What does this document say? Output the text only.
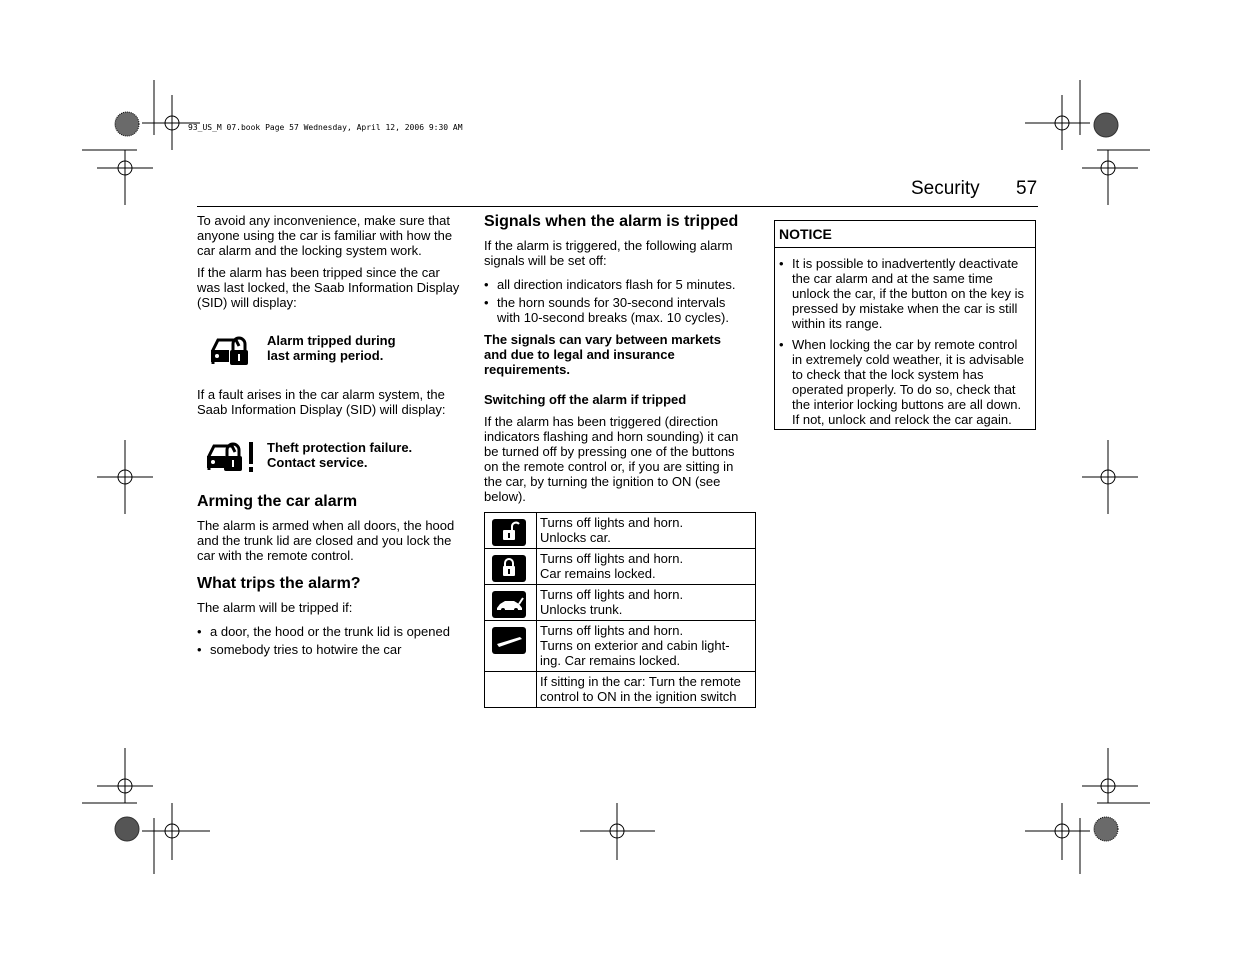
93_US_M 07.book Page 57 Wednesday, April 12, 2006 9:30 AM
Security 57

To avoid any inconvenience, make sure that anyone using the car is familiar with how the car alarm and the locking system work.

If the alarm has been tripped since the car was last locked, the Saab Information Display (SID) will display:

Alarm tripped during
last arming period.

If a fault arises in the car alarm system, the Saab Information Display (SID) will display:

Theft protection failure.
Contact service.
Arming the car alarm

The alarm is armed when all doors, the hood and the trunk lid are closed and you lock the car with the remote control.

What trips the alarm?

The alarm will be tripped if:

• a door, the hood or the trunk lid is opened
• somebody tries to hotwire the car
Signals when the alarm is tripped

If the alarm is triggered, the following alarm signals will be set off:

• all direction indicators flash for 5 minutes.
• the horn sounds for 30-second intervals with 10-second breaks (max. 10 cycles).

The signals can vary between markets and due to legal and insurance requirements.

Switching off the alarm if tripped

If the alarm has been triggered (direction indicators flashing and horn sounding) it can be turned off by pressing one of the buttons on the remote control or, if you are sitting in the car, by turning the ignition to ON (see below).

	Turns off lights and horn.
Unlocks car.

	Turns off lights and horn.
Car remains locked.

	Turns off lights and horn.
Unlocks trunk.

	Turns off lights and horn.
Turns on exterior and cabin light-
ing. Car remains locked.
	If sitting in the car: Turn the remote
control to ON in the ignition switch
NOTICE
• It is possible to inadvertently deactivate the car alarm and at the same time unlock the car, if the button on the key is pressed by mistake when the car is still within its range.
• When locking the car by remote control in extremely cold weather, it is advisable to check that the lock system has operated properly. To do so, check that the interior locking buttons are all down.
If not, unlock and relock the car again.
